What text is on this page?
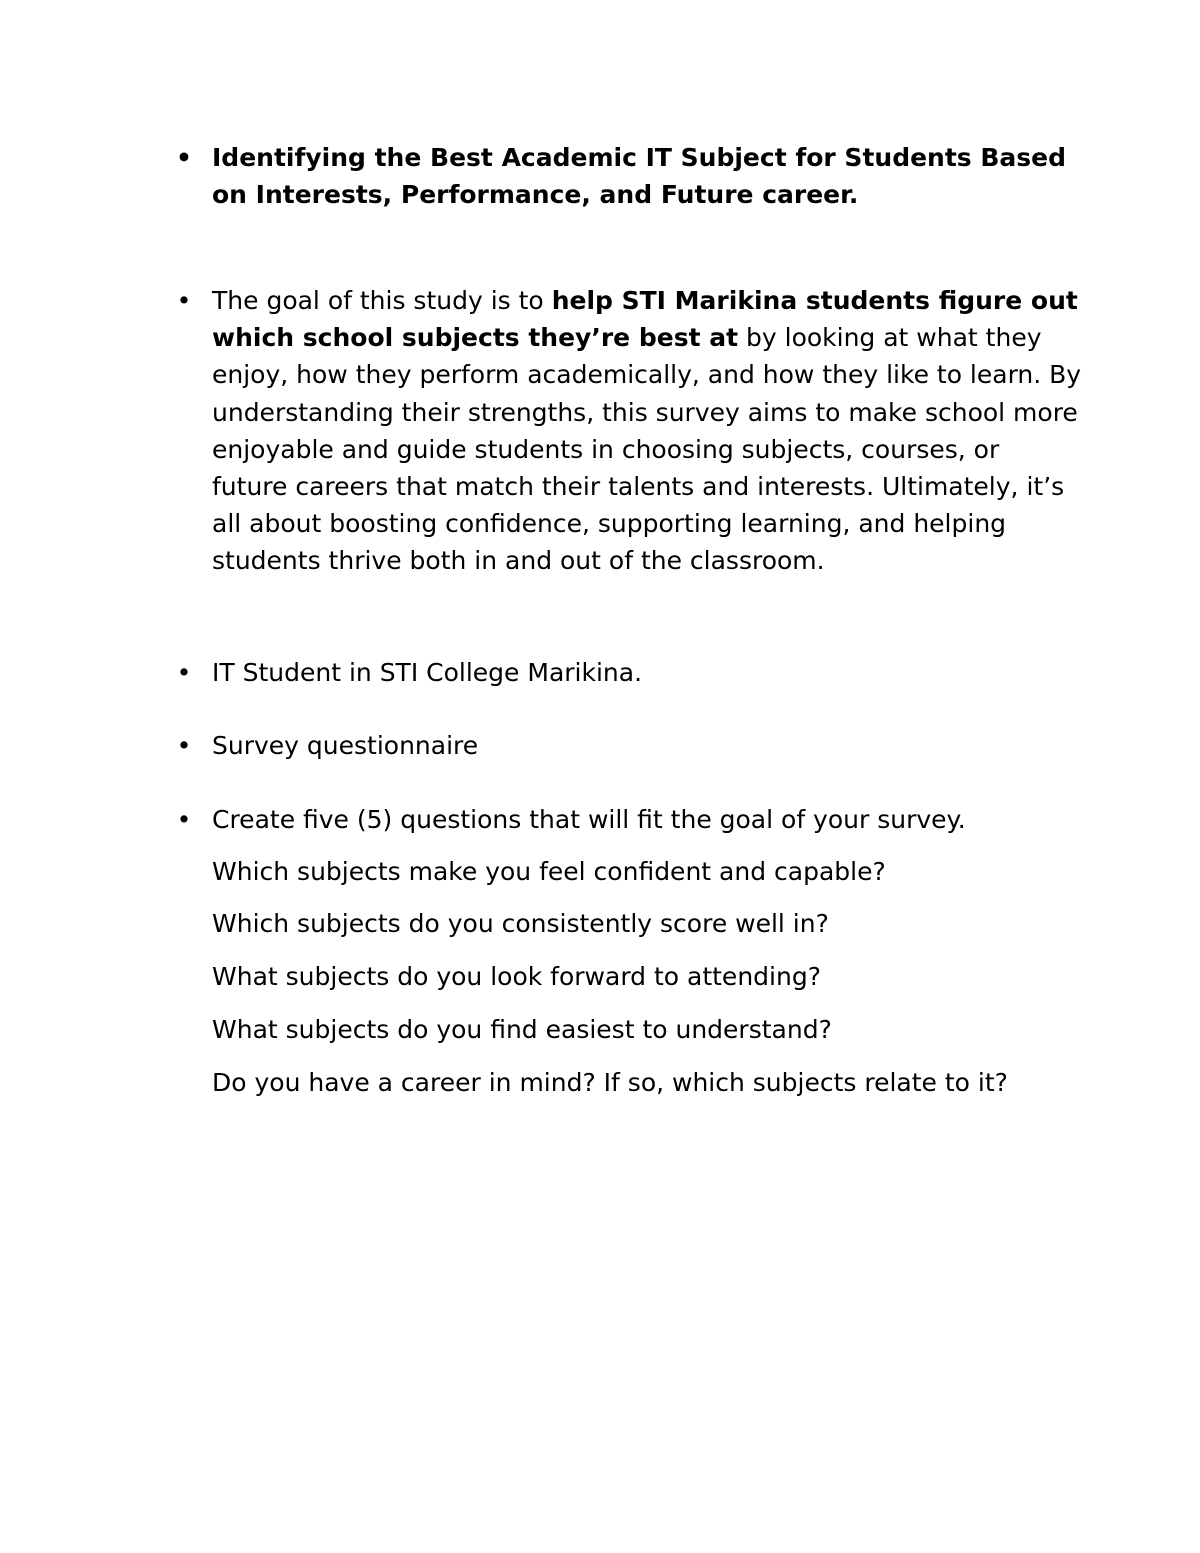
• Identifying the Best Academic IT Subject for Students Based on Interests, Performance, and Future career.
• The goal of this study is to help STI Marikina students figure out which school subjects they’re best at by looking at what they enjoy, how they perform academically, and how they like to learn. By understanding their strengths, this survey aims to make school more enjoyable and guide students in choosing subjects, courses, or future careers that match their talents and interests. Ultimately, it’s all about boosting confidence, supporting learning, and helping students thrive both in and out of the classroom.
• IT Student in STI College Marikina.
• Survey questionnaire
• Create five (5) questions that will fit the goal of your survey.
Which subjects make you feel confident and capable?
Which subjects do you consistently score well in?
What subjects do you look forward to attending?
What subjects do you find easiest to understand?
Do you have a career in mind? If so, which subjects relate to it?
